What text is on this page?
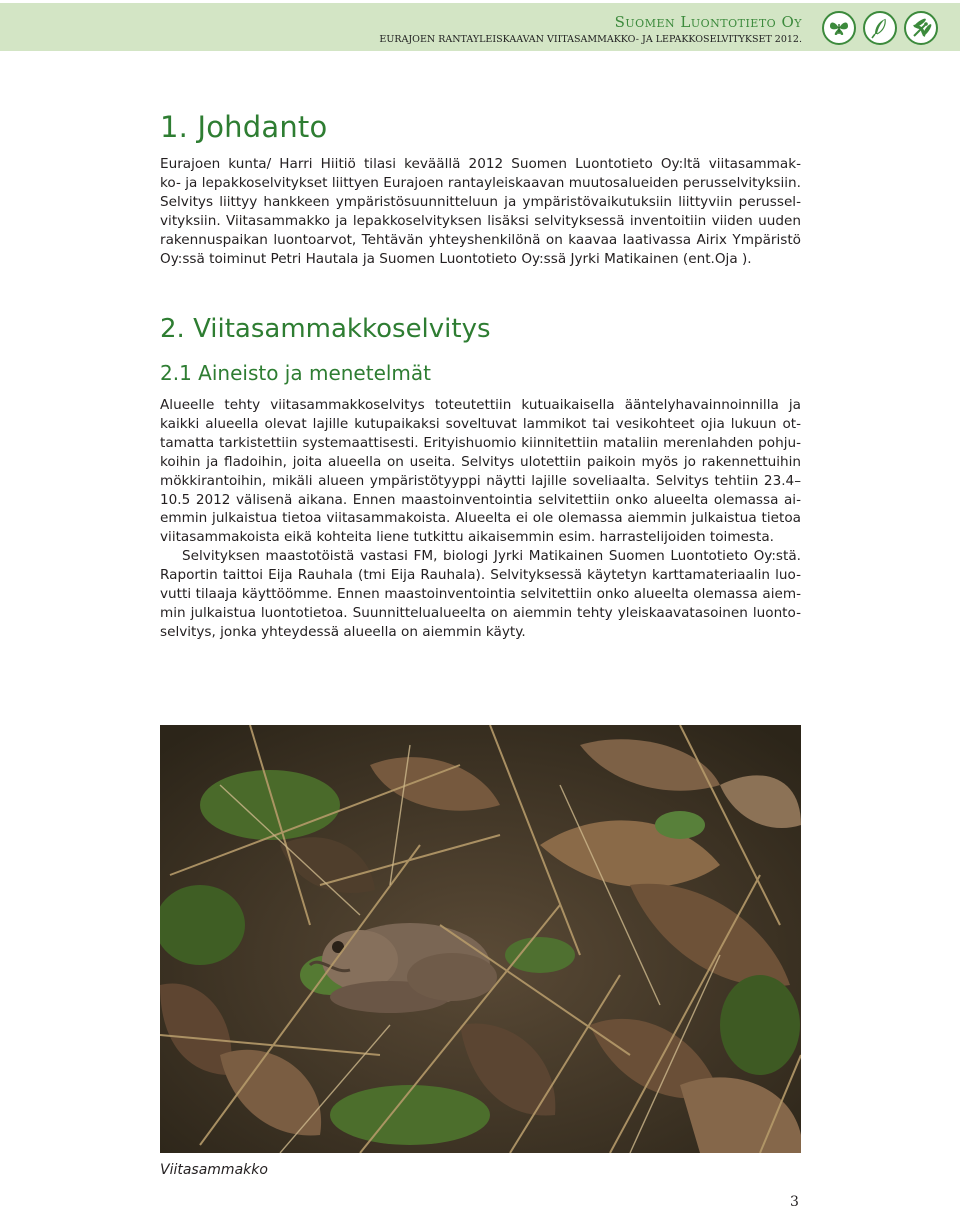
Suomen Luontotieto Oy
EURAJOEN RANTAYLEISKAAVAN VIITASAMMAKKO- JA LEPAKKOSELVITYKSET 2012.
1. Johdanto
Eurajoen kunta/ Harri Hiitiö tilasi keväällä 2012 Suomen Luontotieto Oy:ltä viitasammak-
ko- ja lepakkoselvitykset liittyen Eurajoen rantayleiskaavan muutosalueiden perusselvityksiin.
Selvitys liittyy hankkeen ympäristösuunnitteluun ja ympäristövaikutuksiin liittyviin perussel-
vityksiin. Viitasammakko ja lepakkoselvityksen lisäksi selvityksessä inventoitiin viiden uuden
rakennuspaikan luontoarvot, Tehtävän yhteyshenkilönä on kaavaa laativassa Airix Ympäristö
Oy:ssä toiminut Petri Hautala ja Suomen Luontotieto Oy:ssä Jyrki Matikainen (ent.Oja ).
2. Viitasammakkoselvitys
2.1 Aineisto ja menetelmät
Alueelle tehty viitasammakkoselvitys toteutettiin kutuaikaisella ääntelyhavainnoinnilla ja
kaikki alueella olevat lajille kutupaikaksi soveltuvat lammikot tai vesikohteet ojia lukuun ot-
tamatta tarkistettiin systemaattisesti. Erityishuomio kiinnitettiin mataliin merenlahden pohju-
koihin ja fladoihin, joita alueella on useita. Selvitys ulotettiin paikoin myös jo rakennettuihin
mökkirantoihin, mikäli alueen ympäristötyyppi näytti lajille soveliaalta. Selvitys tehtiin 23.4–
10.5 2012 välisenä aikana. Ennen maastoinventointia selvitettiin onko alueelta olemassa ai-
emmin julkaistua tietoa viitasammakoista. Alueelta ei ole olemassa aiemmin julkaistua tietoa
viitasammakoista eikä kohteita liene tutkittu aikaisemmin esim. harrastelijoiden toimesta.
Selvityksen maastotöistä vastasi FM, biologi Jyrki Matikainen Suomen Luontotieto Oy:stä.
Raportin taittoi Eija Rauhala (tmi Eija Rauhala). Selvityksessä käytetyn karttamateriaalin luo-
vutti tilaaja käyttöömme. Ennen maastoinventointia selvitettiin onko alueelta olemassa aiem-
min julkaistua luontotietoa. Suunnittelualueelta on aiemmin tehty yleiskaavatasoinen luonto-
selvitys, jonka yhteydessä alueella on aiemmin käyty.
Viitasammakko
3
